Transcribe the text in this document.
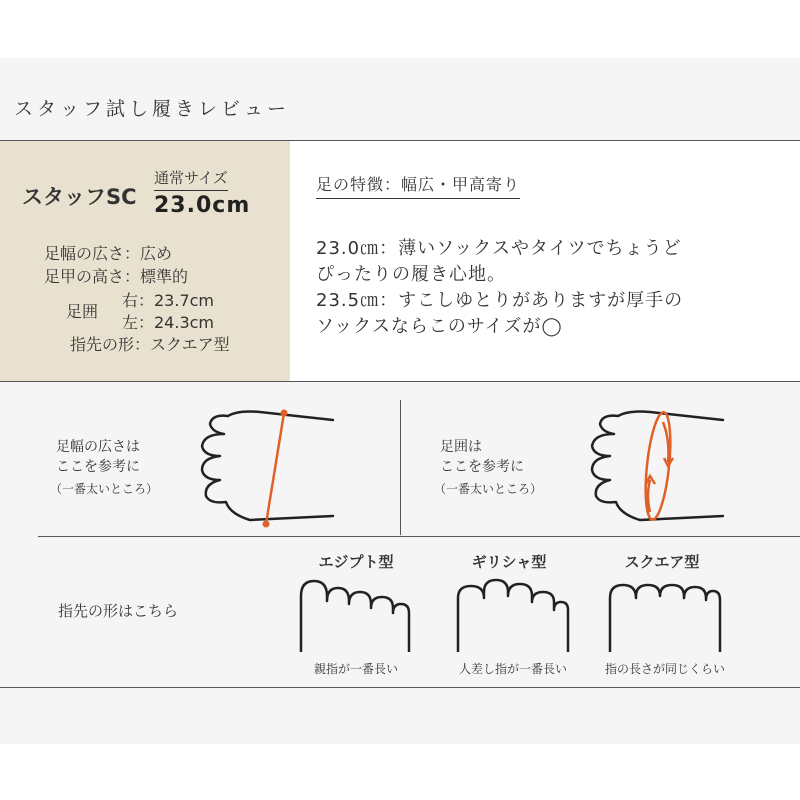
スタッフ試し履きレビュー
スタッフSC
通常サイズ
23.0cm
足幅の広さ：広め
足甲の高さ：標準的
足囲
右：23.7cm
左：24.3cm
指先の形：スクエア型
足の特徴：幅広・甲高寄り
23.0㎝：薄いソックスやタイツでちょうど
ぴったりの履き心地。
23.5㎝：すこしゆとりがありますが厚手の
ソックスならこのサイズが◯
足幅の広さは
ここを参考に
（一番太いところ）
足囲は
ここを参考に
（一番太いところ）
指先の形はこちら
エジプト型
親指が一番長い
ギリシャ型
人差し指が一番長い
スクエア型
指の長さが同じくらい
